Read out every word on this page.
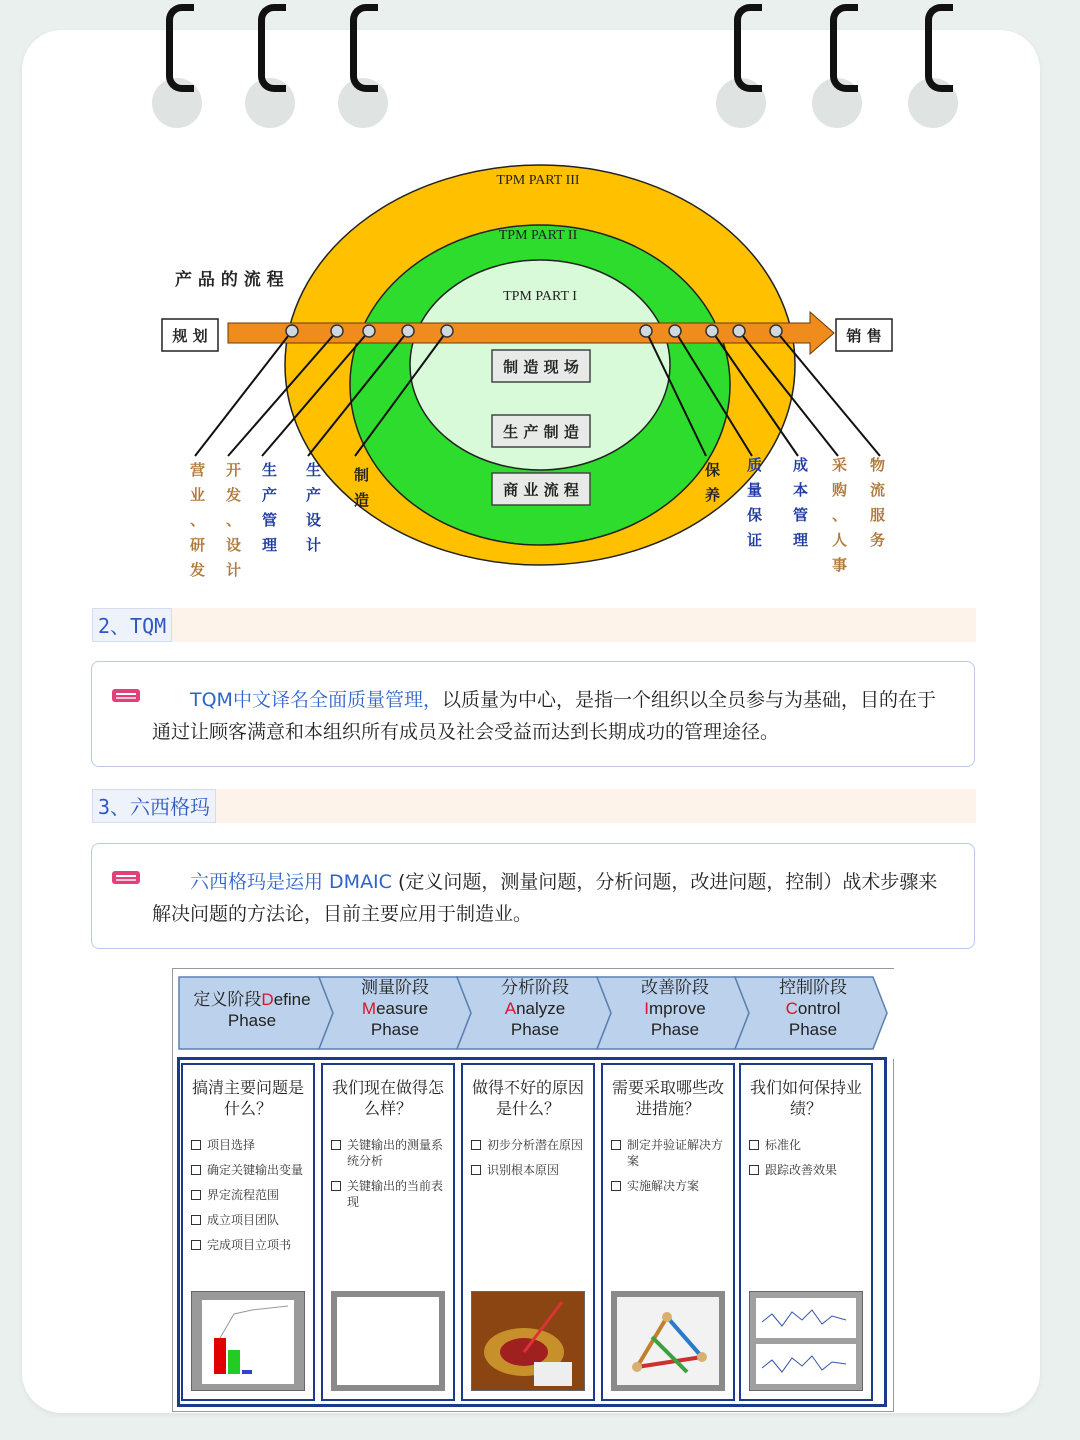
TPM PART III
TPM PART II
TPM PART I
产 品 的 流 程
规 划	销 售
制 造 现 场
生 产 制 造
商 业 流 程
营业、研发
开发、设计
生产管理
生产设计
制造
保养
质量保证
成本管理
采购、人事
物流服务
2、TQM
TQM中文译名全面质量管理，以质量为中心，是指一个组织以全员参与为基础，目的在于通过让顾客满意和本组织所有成员及社会受益而达到长期成功的管理途径。
3、六西格玛
六西格玛是运用 DMAIC (定义问题，测量问题，分析问题，改进问题，控制）战术步骤来解决问题的方法论，目前主要应用于制造业。
定义阶段Define
Phase
测量阶段
Measure
Phase
分析阶段
Analyze
Phase
改善阶段
Improve
Phase
控制阶段
Control
Phase
搞清主要问题是什么？
项目选择
确定关键输出变量
界定流程范围
成立项目团队
完成项目立项书
我们现在做得怎么样？
关键输出的测量系统分析
关键输出的当前表现
做得不好的原因是什么？
初步分析潜在原因
识别根本原因
需要采取哪些改进措施？
制定并验证解决方案
实施解决方案
我们如何保持业绩？
标准化
跟踪改善效果
